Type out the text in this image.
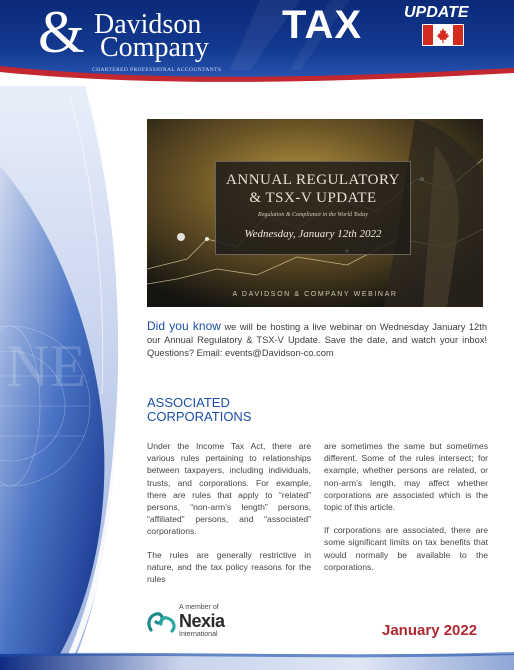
NE
& Davidson
Company
CHARTERED PROFESSIONAL ACCOUNTANTS
TAX	UPDATE
ANNUAL REGULATORY
& TSX-V UPDATE
Regulation & Compliance in the World Today
Wednesday, January 12th 2022
A DAVIDSON & COMPANY WEBINAR
Did you know we will be hosting a live webinar on Wednesday January 12th our Annual Regulatory & TSX-V Update. Save the date, and watch your inbox! Questions? Email: events@Davidson-co.com
ASSOCIATED
CORPORATIONS

Under the Income Tax Act, there are various rules pertaining to relationships between taxpayers, including individuals, trusts, and corporations. For example, there are rules that apply to “related” persons, “non-arm’s length” persons, “affiliated” persons, and “associated” corporations.

The rules are generally restrictive in nature, and the tax policy reasons for the rules

are sometimes the same but sometimes different. Some of the rules intersect; for example, whether persons are related, or non-arm’s length, may affect whether corporations are associated which is the topic of this article.

If corporations are associated, there are some significant limits on tax benefits that would normally be available to the corporations.

A member of
Nexia
International	January 2022
